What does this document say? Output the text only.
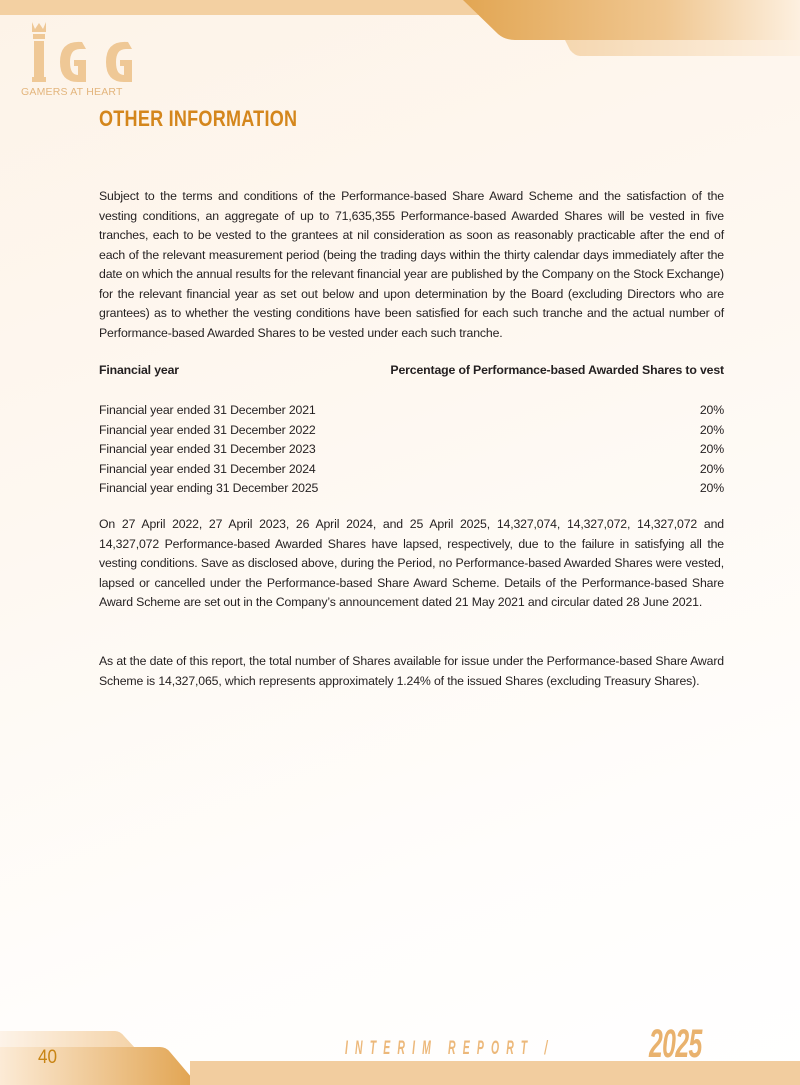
GAMERS AT HEART
OTHER INFORMATION
Subject to the terms and conditions of the Performance-based Share Award Scheme and the satisfaction of the vesting conditions, an aggregate of up to 71,635,355 Performance-based Awarded Shares will be vested in five tranches, each to be vested to the grantees at nil consideration as soon as reasonably practicable after the end of each of the relevant measurement period (being the trading days within the thirty calendar days immediately after the date on which the annual results for the relevant financial year are published by the Company on the Stock Exchange) for the relevant financial year as set out below and upon determination by the Board (excluding Directors who are grantees) as to whether the vesting conditions have been satisfied for each such tranche and the actual number of Performance-based Awarded Shares to be vested under each such tranche.
Financial year	Percentage of Performance-based Awarded Shares to vest
Financial year ended 31 December 2021	20%
Financial year ended 31 December 2022	20%
Financial year ended 31 December 2023	20%
Financial year ended 31 December 2024	20%
Financial year ending 31 December 2025	20%
On 27 April 2022, 27 April 2023, 26 April 2024, and 25 April 2025, 14,327,074, 14,327,072, 14,327,072 and 14,327,072 Performance-based Awarded Shares have lapsed, respectively, due to the failure in satisfying all the vesting conditions. Save as disclosed above, during the Period, no Performance-based Awarded Shares were vested, lapsed or cancelled under the Performance-based Share Award Scheme. Details of the Performance-based Share Award Scheme are set out in the Company’s announcement dated 21 May 2021 and circular dated 28 June 2021.
As at the date of this report, the total number of Shares available for issue under the Performance-based Share Award Scheme is 14,327,065, which represents approximately 1.24% of the issued Shares (excluding Treasury Shares).
40	INTERIM REPORT / 2025
